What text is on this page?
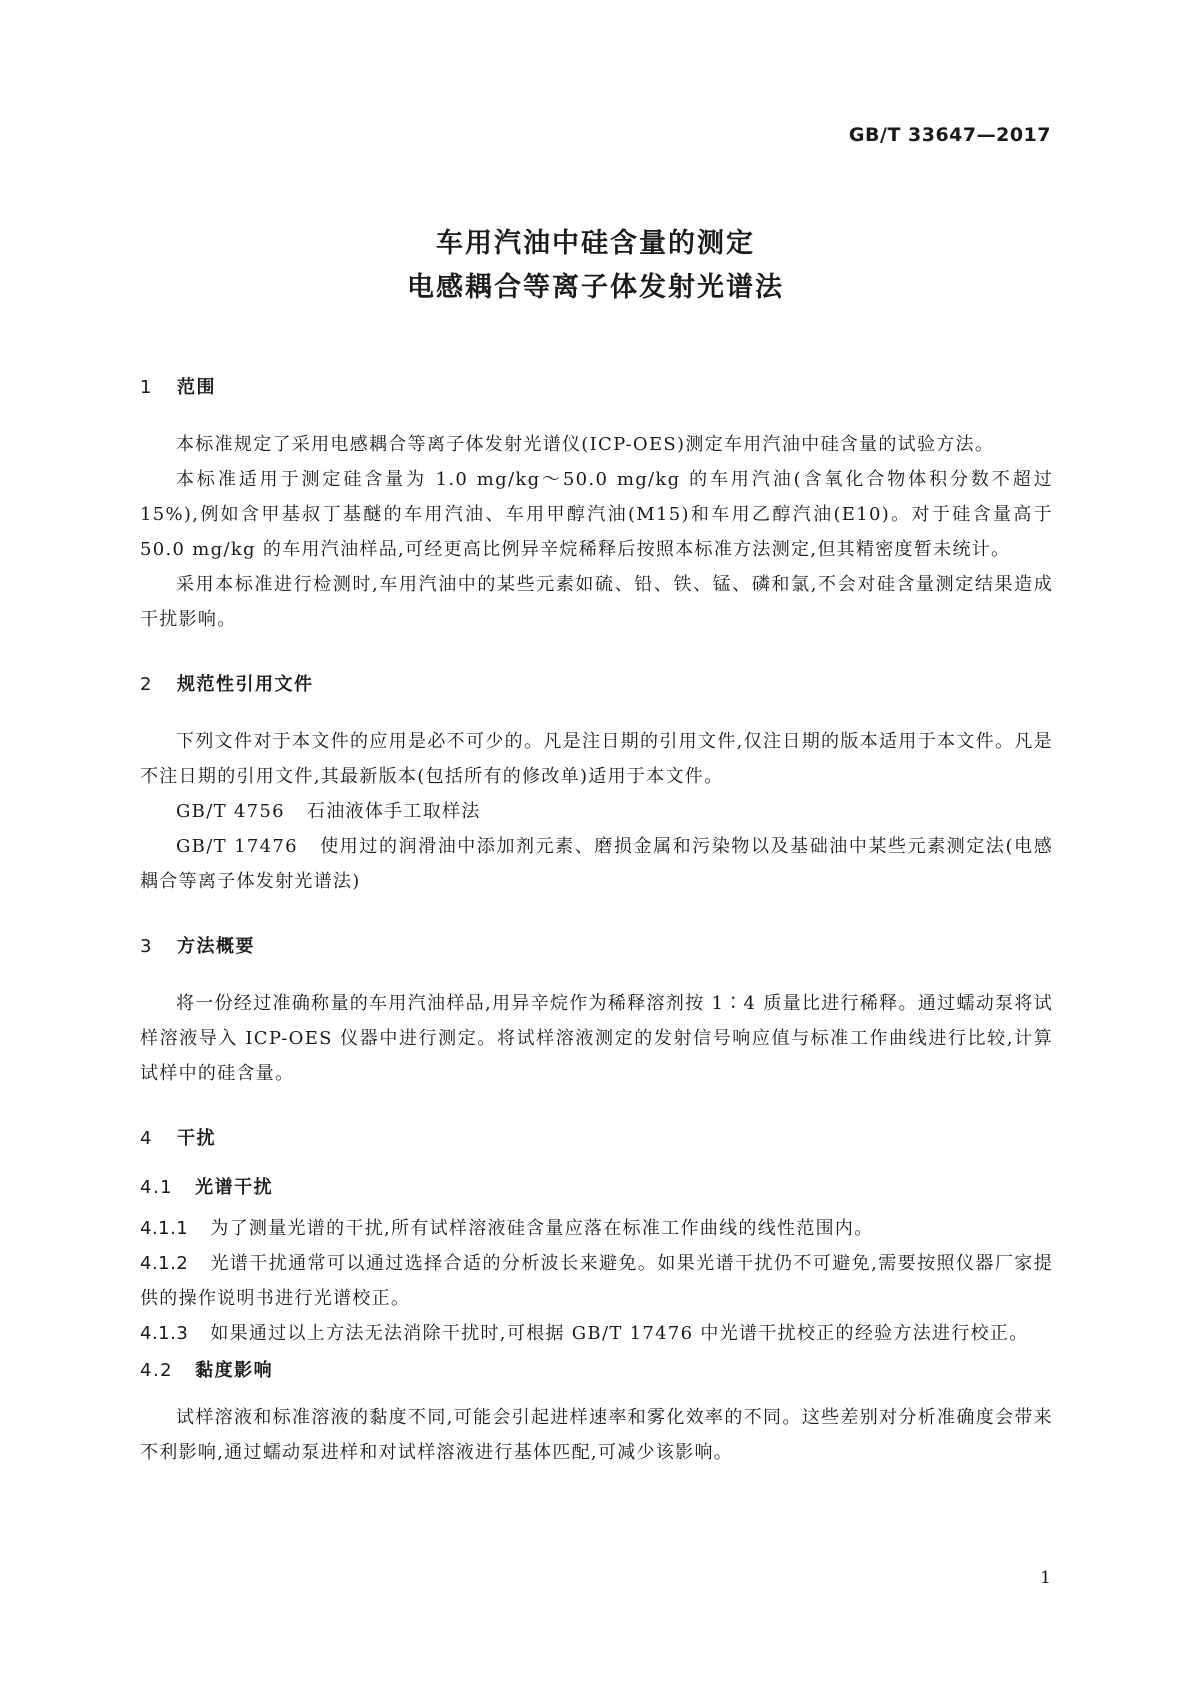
GB/T 33647—2017
车用汽油中硅含量的测定
电感耦合等离子体发射光谱法
1 范围

本标准规定了采用电感耦合等离子体发射光谱仪(ICP-OES)测定车用汽油中硅含量的试验方法。

本标准适用于测定硅含量为 1.0 mg/kg～50.0 mg/kg 的车用汽油(含氧化合物体积分数不超过15%),例如含甲基叔丁基醚的车用汽油、车用甲醇汽油(M15)和车用乙醇汽油(E10)。对于硅含量高于 50.0 mg/kg 的车用汽油样品,可经更高比例异辛烷稀释后按照本标准方法测定,但其精密度暂未统计。

采用本标准进行检测时,车用汽油中的某些元素如硫、铅、铁、锰、磷和氯,不会对硅含量测定结果造成干扰影响。

2 规范性引用文件

下列文件对于本文件的应用是必不可少的。凡是注日期的引用文件,仅注日期的版本适用于本文件。凡是不注日期的引用文件,其最新版本(包括所有的修改单)适用于本文件。

GB/T 4756 石油液体手工取样法

GB/T 17476 使用过的润滑油中添加剂元素、磨损金属和污染物以及基础油中某些元素测定法(电感耦合等离子体发射光谱法)

3 方法概要

将一份经过准确称量的车用汽油样品,用异辛烷作为稀释溶剂按 1∶4 质量比进行稀释。通过蠕动泵将试样溶液导入 ICP-OES 仪器中进行测定。将试样溶液测定的发射信号响应值与标准工作曲线进行比较,计算试样中的硅含量。

4 干扰
4.1 光谱干扰

4.1.1 为了测量光谱的干扰,所有试样溶液硅含量应落在标准工作曲线的线性范围内。

4.1.2 光谱干扰通常可以通过选择合适的分析波长来避免。如果光谱干扰仍不可避免,需要按照仪器厂家提供的操作说明书进行光谱校正。

4.1.3 如果通过以上方法无法消除干扰时,可根据 GB/T 17476 中光谱干扰校正的经验方法进行校正。

4.2 黏度影响

试样溶液和标准溶液的黏度不同,可能会引起进样速率和雾化效率的不同。这些差别对分析准确度会带来不利影响,通过蠕动泵进样和对试样溶液进行基体匹配,可减少该影响。

1
